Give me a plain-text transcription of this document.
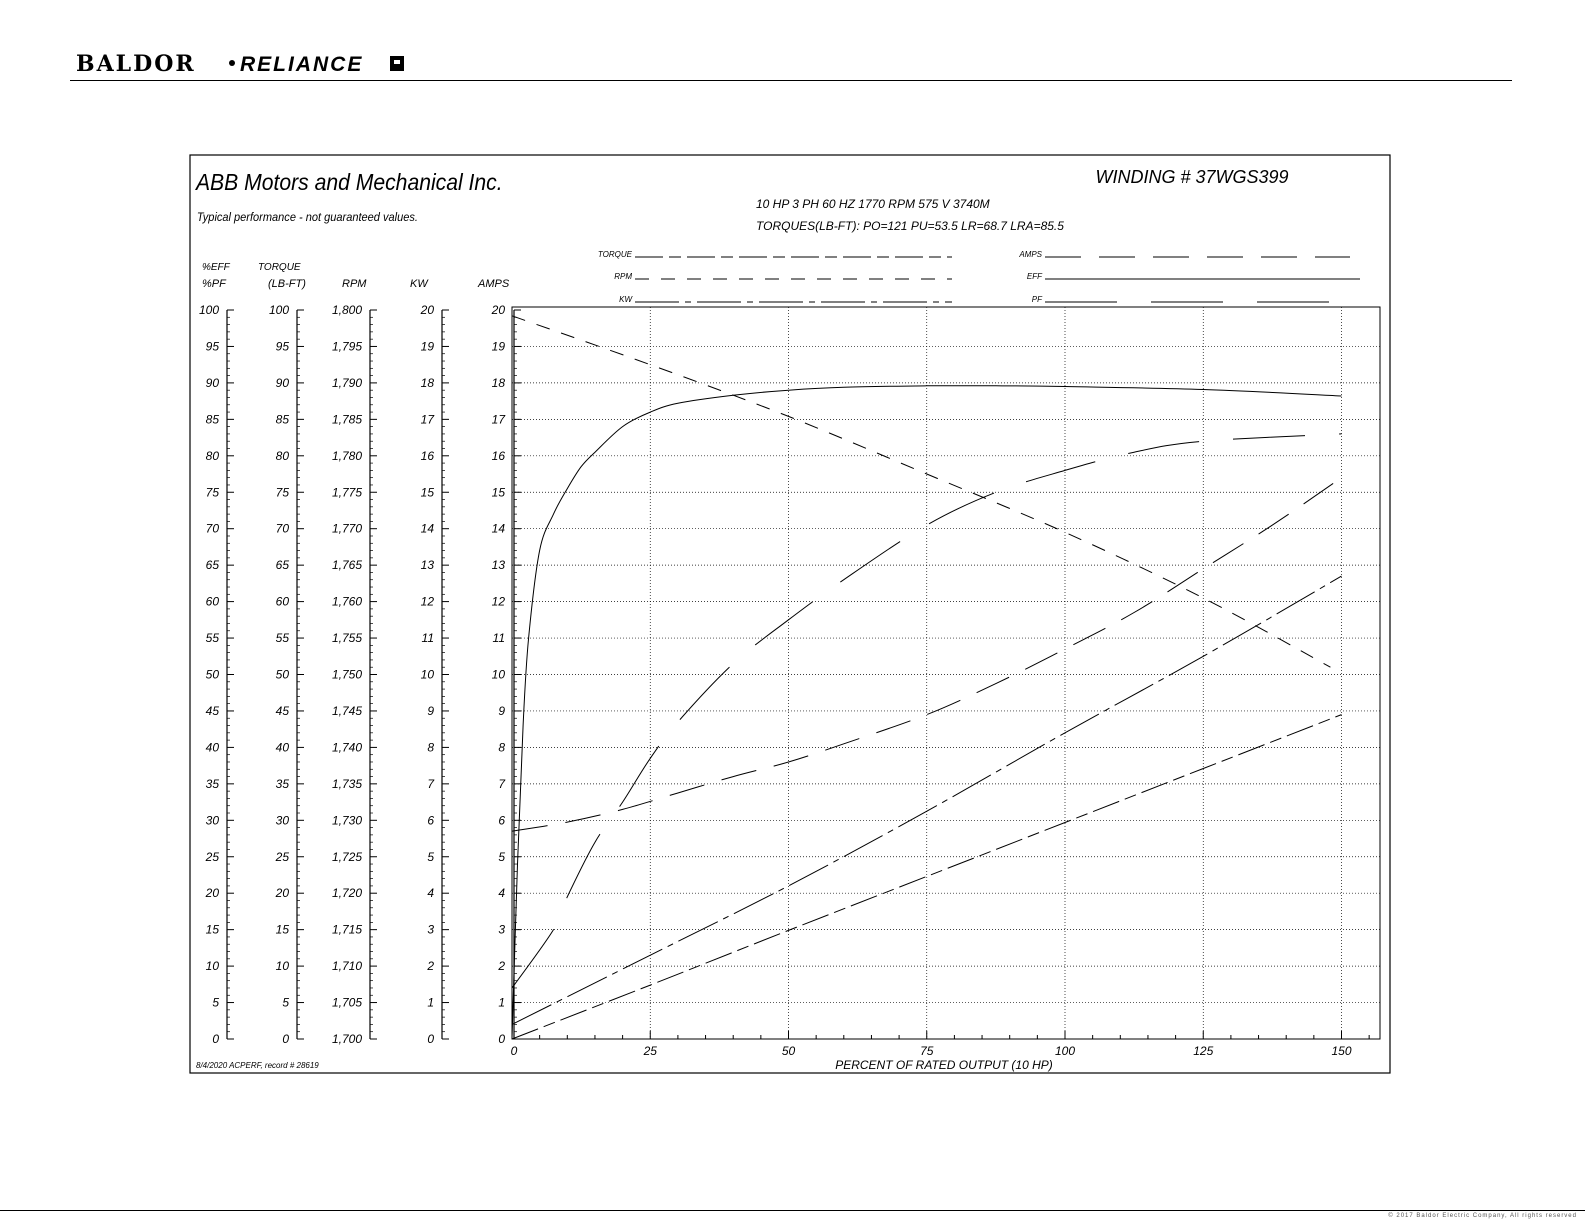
BALDOR RELIANCE
© 2017 Baldor Electric Company, All rights reserved
ABB Motors and Mechanical Inc.
Typical performance - not guaranteed values.
WINDING # 37WGS399
10 HP 3 PH 60 HZ 1770 RPM 575 V 3740M
TORQUES(LB-FT): PO=121 PU=53.5 LR=68.7 LRA=85.5
8/4/2020 ACPERF, record # 28619
0	25	50	75	100	125	150
PERCENT OF RATED OUTPUT (10 HP)
100
95
90
85
80
75
70
65
60
55
50
45
40
35
30
25
20
15
10
5
0
100
95
90
85
80
75
70
65
60
55
50
45
40
35
30
25
20
15
10
5
0
1,800
1,795
1,790
1,785
1,780
1,775
1,770
1,765
1,760
1,755
1,750
1,745
1,740
1,735
1,730
1,725
1,720
1,715
1,710
1,705
1,700
20
19
18
17
16
15
14
13
12
11
10
9
8
7
6
5
4
3
2
1
0
20
19
18
17
16
15
14
13
12
11
10
9
8
7
6
5
4
3
2
1
0
%EFF
%PF
TORQUE
(LB-FT)	RPM	KW	AMPS
TORQUE
RPM
KW
AMPS
EFF
PF
